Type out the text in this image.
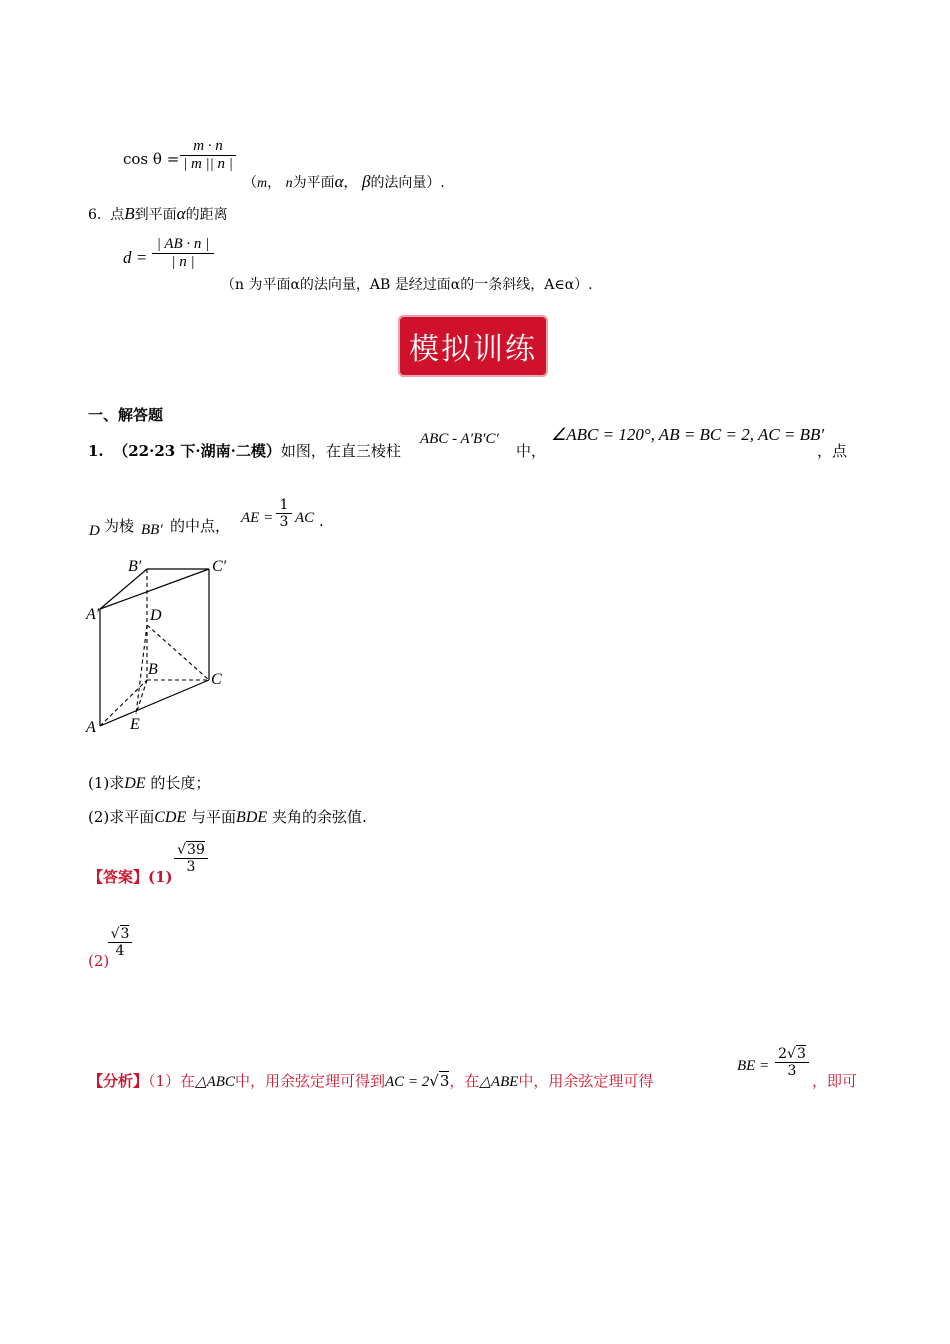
cos θ =
m · n
| m || n |
（m， n为平面α， β的法向量）.
6. 点B到平面α的距离
d =
| AB · n |
| n |
（n 为平面α的法向量，AB 是经过面α的一条斜线，A∈α）.
模拟训练
一、解答题
1. （22·23 下·湖南·二模）如图，在直三棱柱
ABC - A′B′C′
中，
∠ABC = 120°, AB = BC = 2, AC = BB′
，点
D 为棱 BB′ 的中点， AE =
1
3 AC .
B′	C′
A′	D
B
C
A E
(1)求DE 的长度；
(2)求平面CDE 与平面BDE 夹角的余弦值.
【答案】(1)
√39
3
(2)
√3
4
【分析】（1）在△ABC中，用余弦定理可得到AC = 2√3，在△ABE中，用余弦定理可得
BE =
2√3
3
，即可
